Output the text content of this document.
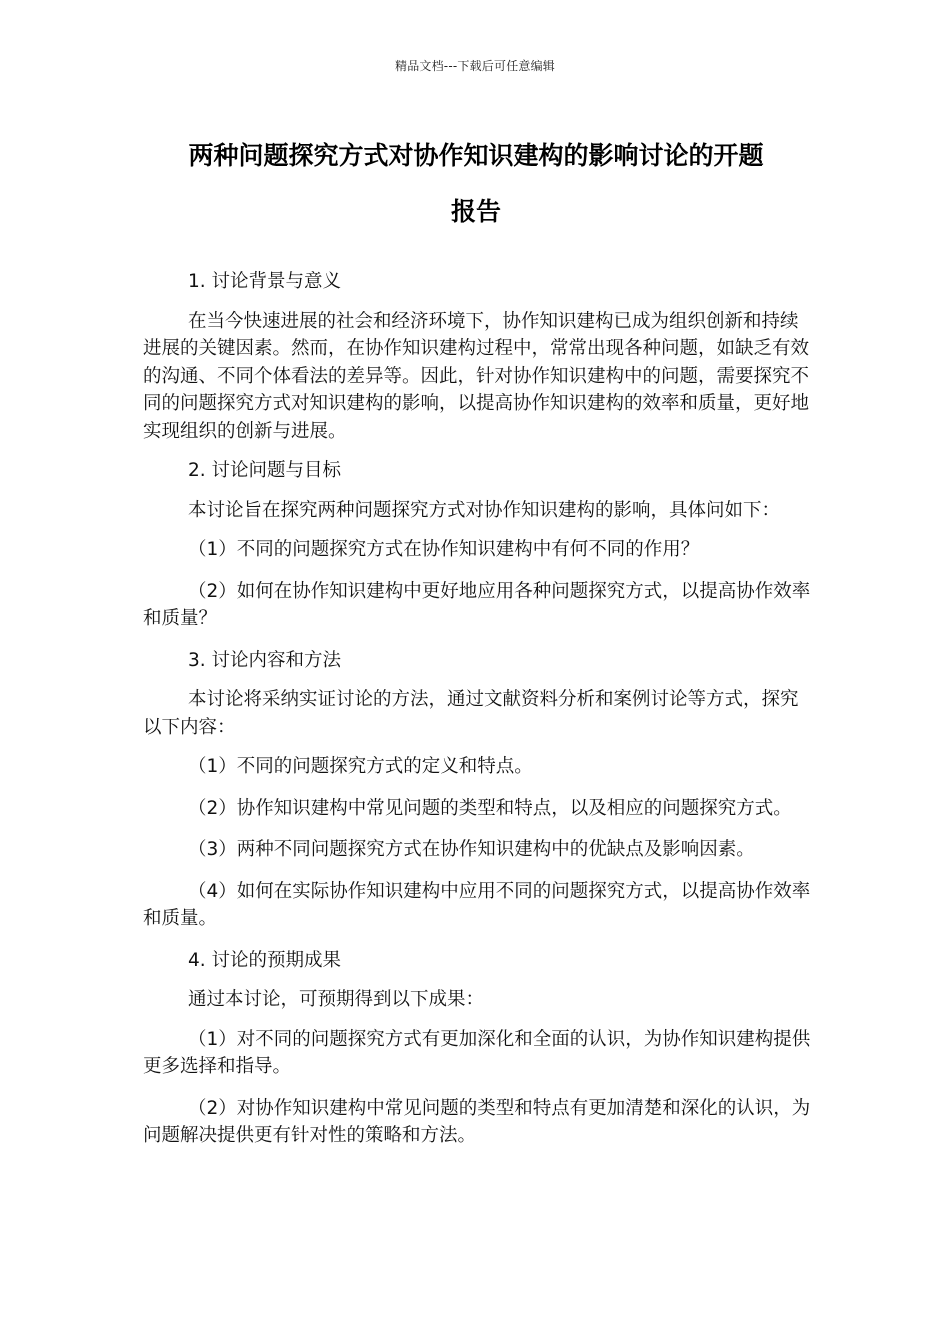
精品文档---下载后可任意编辑
两种问题探究方式对协作知识建构的影响讨论的开题
报告

1. 讨论背景与意义

在当今快速进展的社会和经济环境下，协作知识建构已成为组织创新和持续进展的关键因素。然而，在协作知识建构过程中，常常出现各种问题，如缺乏有效的沟通、不同个体看法的差异等。因此，针对协作知识建构中的问题，需要探究不同的问题探究方式对知识建构的影响，以提高协作知识建构的效率和质量，更好地实现组织的创新与进展。

2. 讨论问题与目标

本讨论旨在探究两种问题探究方式对协作知识建构的影响，具体问如下：

（1）不同的问题探究方式在协作知识建构中有何不同的作用？

（2）如何在协作知识建构中更好地应用各种问题探究方式，以提高协作效率和质量？

3. 讨论内容和方法

本讨论将采纳实证讨论的方法，通过文献资料分析和案例讨论等方式，探究以下内容：

（1）不同的问题探究方式的定义和特点。

（2）协作知识建构中常见问题的类型和特点，以及相应的问题探究方式。

（3）两种不同问题探究方式在协作知识建构中的优缺点及影响因素。

（4）如何在实际协作知识建构中应用不同的问题探究方式，以提高协作效率和质量。

4. 讨论的预期成果

通过本讨论，可预期得到以下成果：

（1）对不同的问题探究方式有更加深化和全面的认识，为协作知识建构提供更多选择和指导。

（2）对协作知识建构中常见问题的类型和特点有更加清楚和深化的认识，为问题解决提供更有针对性的策略和方法。
